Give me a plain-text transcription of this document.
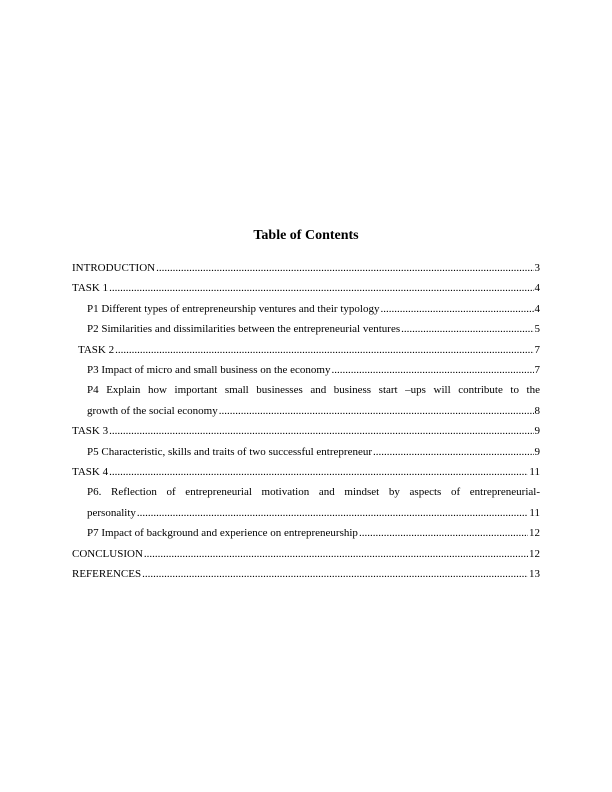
Table of Contents
INTRODUCTION .....	3
TASK 1 .....	4
P1 Different types of entrepreneurship ventures and their typology .....	4
P2 Similarities and dissimilarities between the entrepreneurial ventures .....	5
TASK 2 .....	7
P3 Impact of micro and small business on the economy .....	7
P4 Explain how important small businesses and business start –ups will contribute to the
growth of the social economy .....	8
TASK 3 .....	9
P5 Characteristic, skills and traits of two successful entrepreneur .....	9
TASK 4 .....	11
P6. Reflection of entrepreneurial motivation and mindset by aspects of entrepreneurial-
personality .....	11
P7 Impact of background and experience on entrepreneurship .....	12
CONCLUSION .....	12
REFERENCES .....	13
